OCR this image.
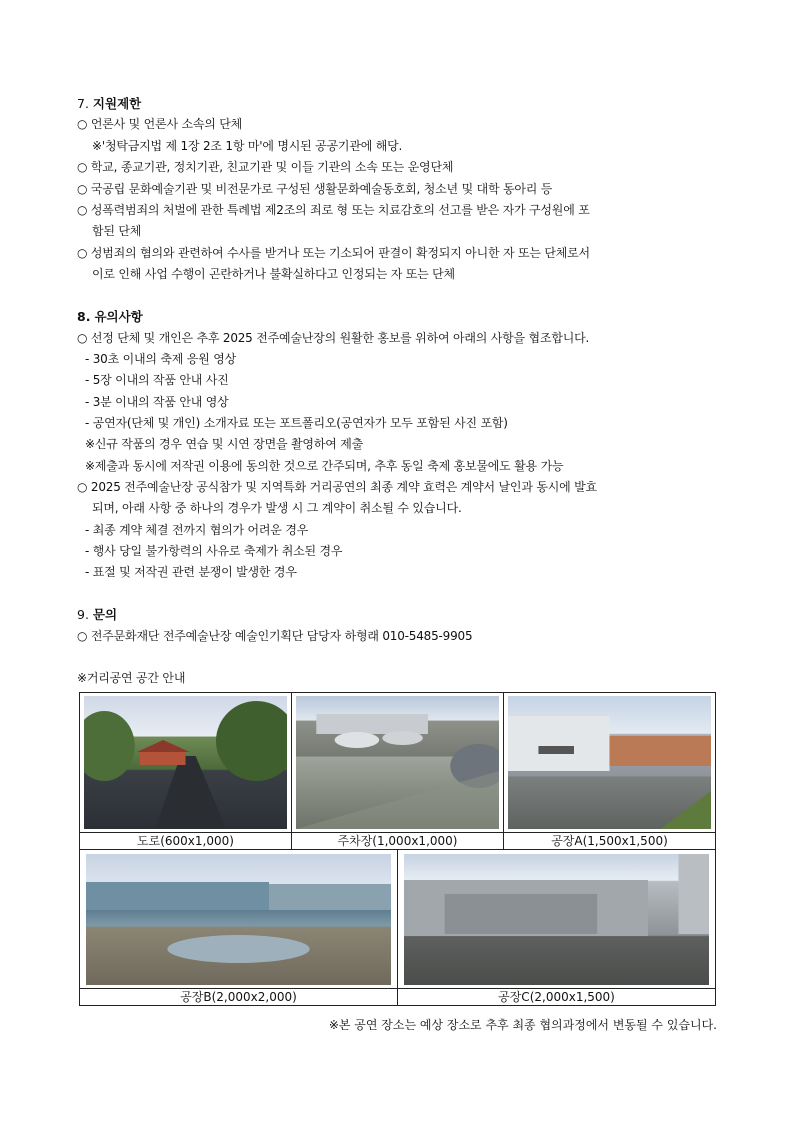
7. 지원제한
○ 언론사 및 언론사 소속의 단체
※'청탁금지법 제 1장 2조 1항 마'에 명시된 공공기관에 해당.
○ 학교, 종교기관, 정치기관, 친교기관 및 이들 기관의 소속 또는 운영단체
○ 국공립 문화예술기관 및 비전문가로 구성된 생활문화예술동호회, 청소년 및 대학 동아리 등
○ 성폭력범죄의 처벌에 관한 특례법 제2조의 죄로 형 또는 치료감호의 선고를 받은 자가 구성원에 포
함된 단체
○ 성범죄의 혐의와 관련하여 수사를 받거나 또는 기소되어 판결이 확정되지 아니한 자 또는 단체로서
이로 인해 사업 수행이 곤란하거나 불확실하다고 인정되는 자 또는 단체
8. 유의사항
○ 선정 단체 및 개인은 추후 2025 전주예술난장의 원활한 홍보를 위하여 아래의 사항을 협조합니다.
- 30초 이내의 축제 응원 영상
- 5장 이내의 작품 안내 사진
- 3분 이내의 작품 안내 영상
- 공연자(단체 및 개인) 소개자료 또는 포트폴리오(공연자가 모두 포함된 사진 포함)
※신규 작품의 경우 연습 및 시연 장면을 촬영하여 제출
※제출과 동시에 저작권 이용에 동의한 것으로 간주되며, 추후 동일 축제 홍보물에도 활용 가능
○ 2025 전주예술난장 공식참가 및 지역특화 거리공연의 최종 계약 효력은 계약서 날인과 동시에 발효
되며, 아래 사항 중 하나의 경우가 발생 시 그 계약이 취소될 수 있습니다.
- 최종 계약 체결 전까지 협의가 어려운 경우
- 행사 당일 불가항력의 사유로 축제가 취소된 경우
- 표절 및 저작권 관련 분쟁이 발생한 경우
9. 문의
○ 전주문화재단 전주예술난장 예술인기획단 담당자 하형래 010-5485-9905
※거리공연 공간 안내
도로(600x1,000)	주차장(1,000x1,000)	공장A(1,500x1,500)
공장B(2,000x2,000)	공장C(2,000x1,500)
※본 공연 장소는 예상 장소로 추후 최종 협의과정에서 변동될 수 있습니다.
